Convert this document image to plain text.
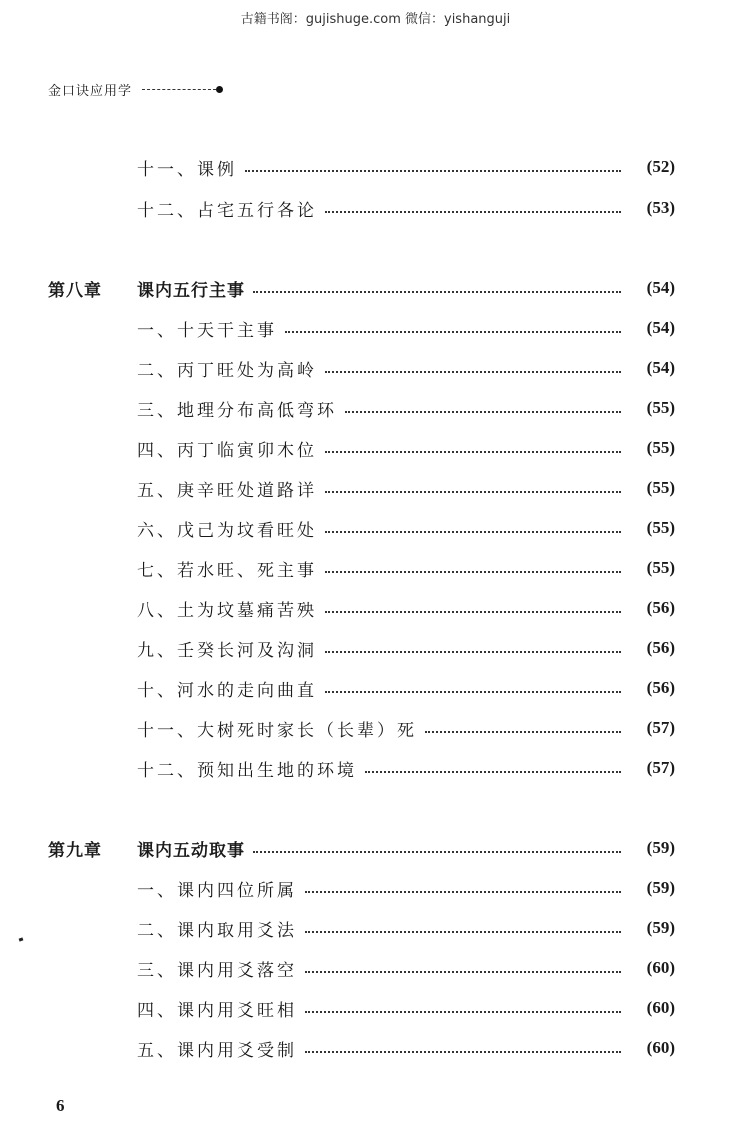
古籍书阁：gujishuge.com 微信：yishanguji
金口诀应用学
十一、课例	(52)
十二、占宅五行各论	(53)
第八章	课内五行主事	(54)
一、十天干主事	(54)
二、丙丁旺处为高岭	(54)
三、地理分布高低弯环	(55)
四、丙丁临寅卯木位	(55)
五、庚辛旺处道路详	(55)
六、戊己为坟看旺处	(55)
七、若水旺、死主事	(55)
八、土为坟墓痛苦殃	(56)
九、壬癸长河及沟洞	(56)
十、河水的走向曲直	(56)
十一、大树死时家长（长辈）死	(57)
十二、预知出生地的环境	(57)
第九章	课内五动取事	(59)
一、课内四位所属	(59)
二、课内取用爻法	(59)
三、课内用爻落空	(60)
四、课内用爻旺相	(60)
五、课内用爻受制	(60)
6
